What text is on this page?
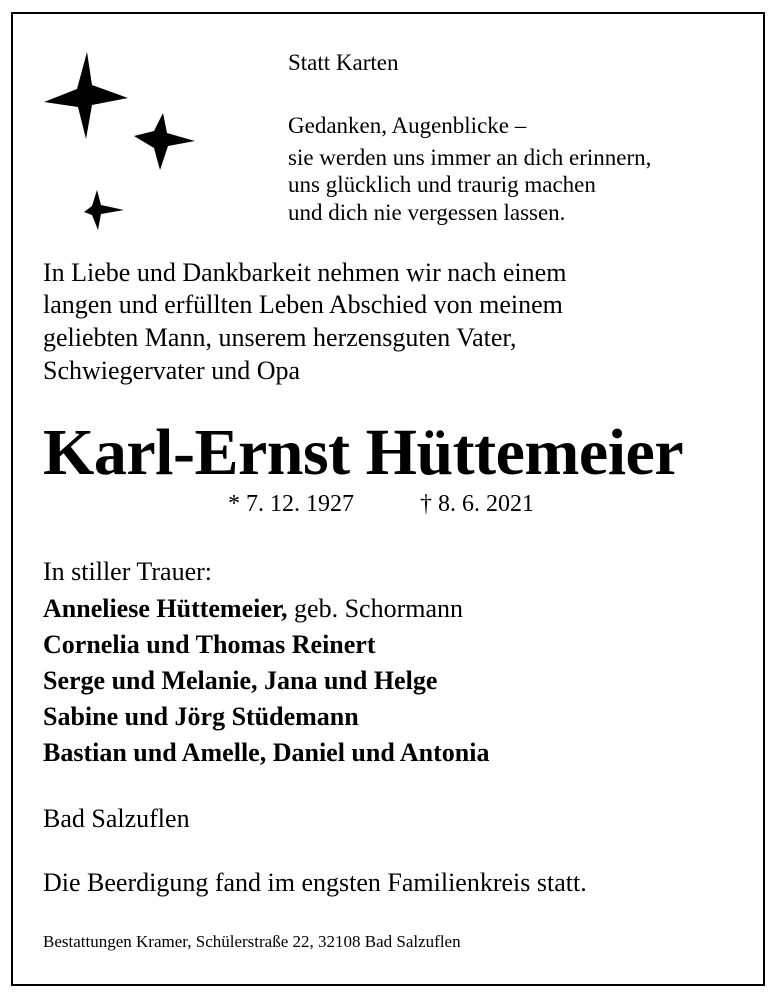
Statt Karten
Gedanken, Augenblicke –
sie werden uns immer an dich erinnern,
uns glücklich und traurig machen
und dich nie vergessen lassen.
In Liebe und Dankbarkeit nehmen wir nach einem
langen und erfüllten Leben Abschied von meinem
geliebten Mann, unserem herzensguten Vater,
Schwiegervater und Opa
Karl-Ernst Hüttemeier
* 7. 12. 1927	† 8. 6. 2021
In stiller Trauer:
Anneliese Hüttemeier, geb. Schormann
Cornelia und Thomas Reinert
Serge und Melanie, Jana und Helge
Sabine und Jörg Stüdemann
Bastian und Amelle, Daniel und Antonia
Bad Salzuflen
Die Beerdigung fand im engsten Familienkreis statt.
Bestattungen Kramer, Schülerstraße 22, 32108 Bad Salzuflen
